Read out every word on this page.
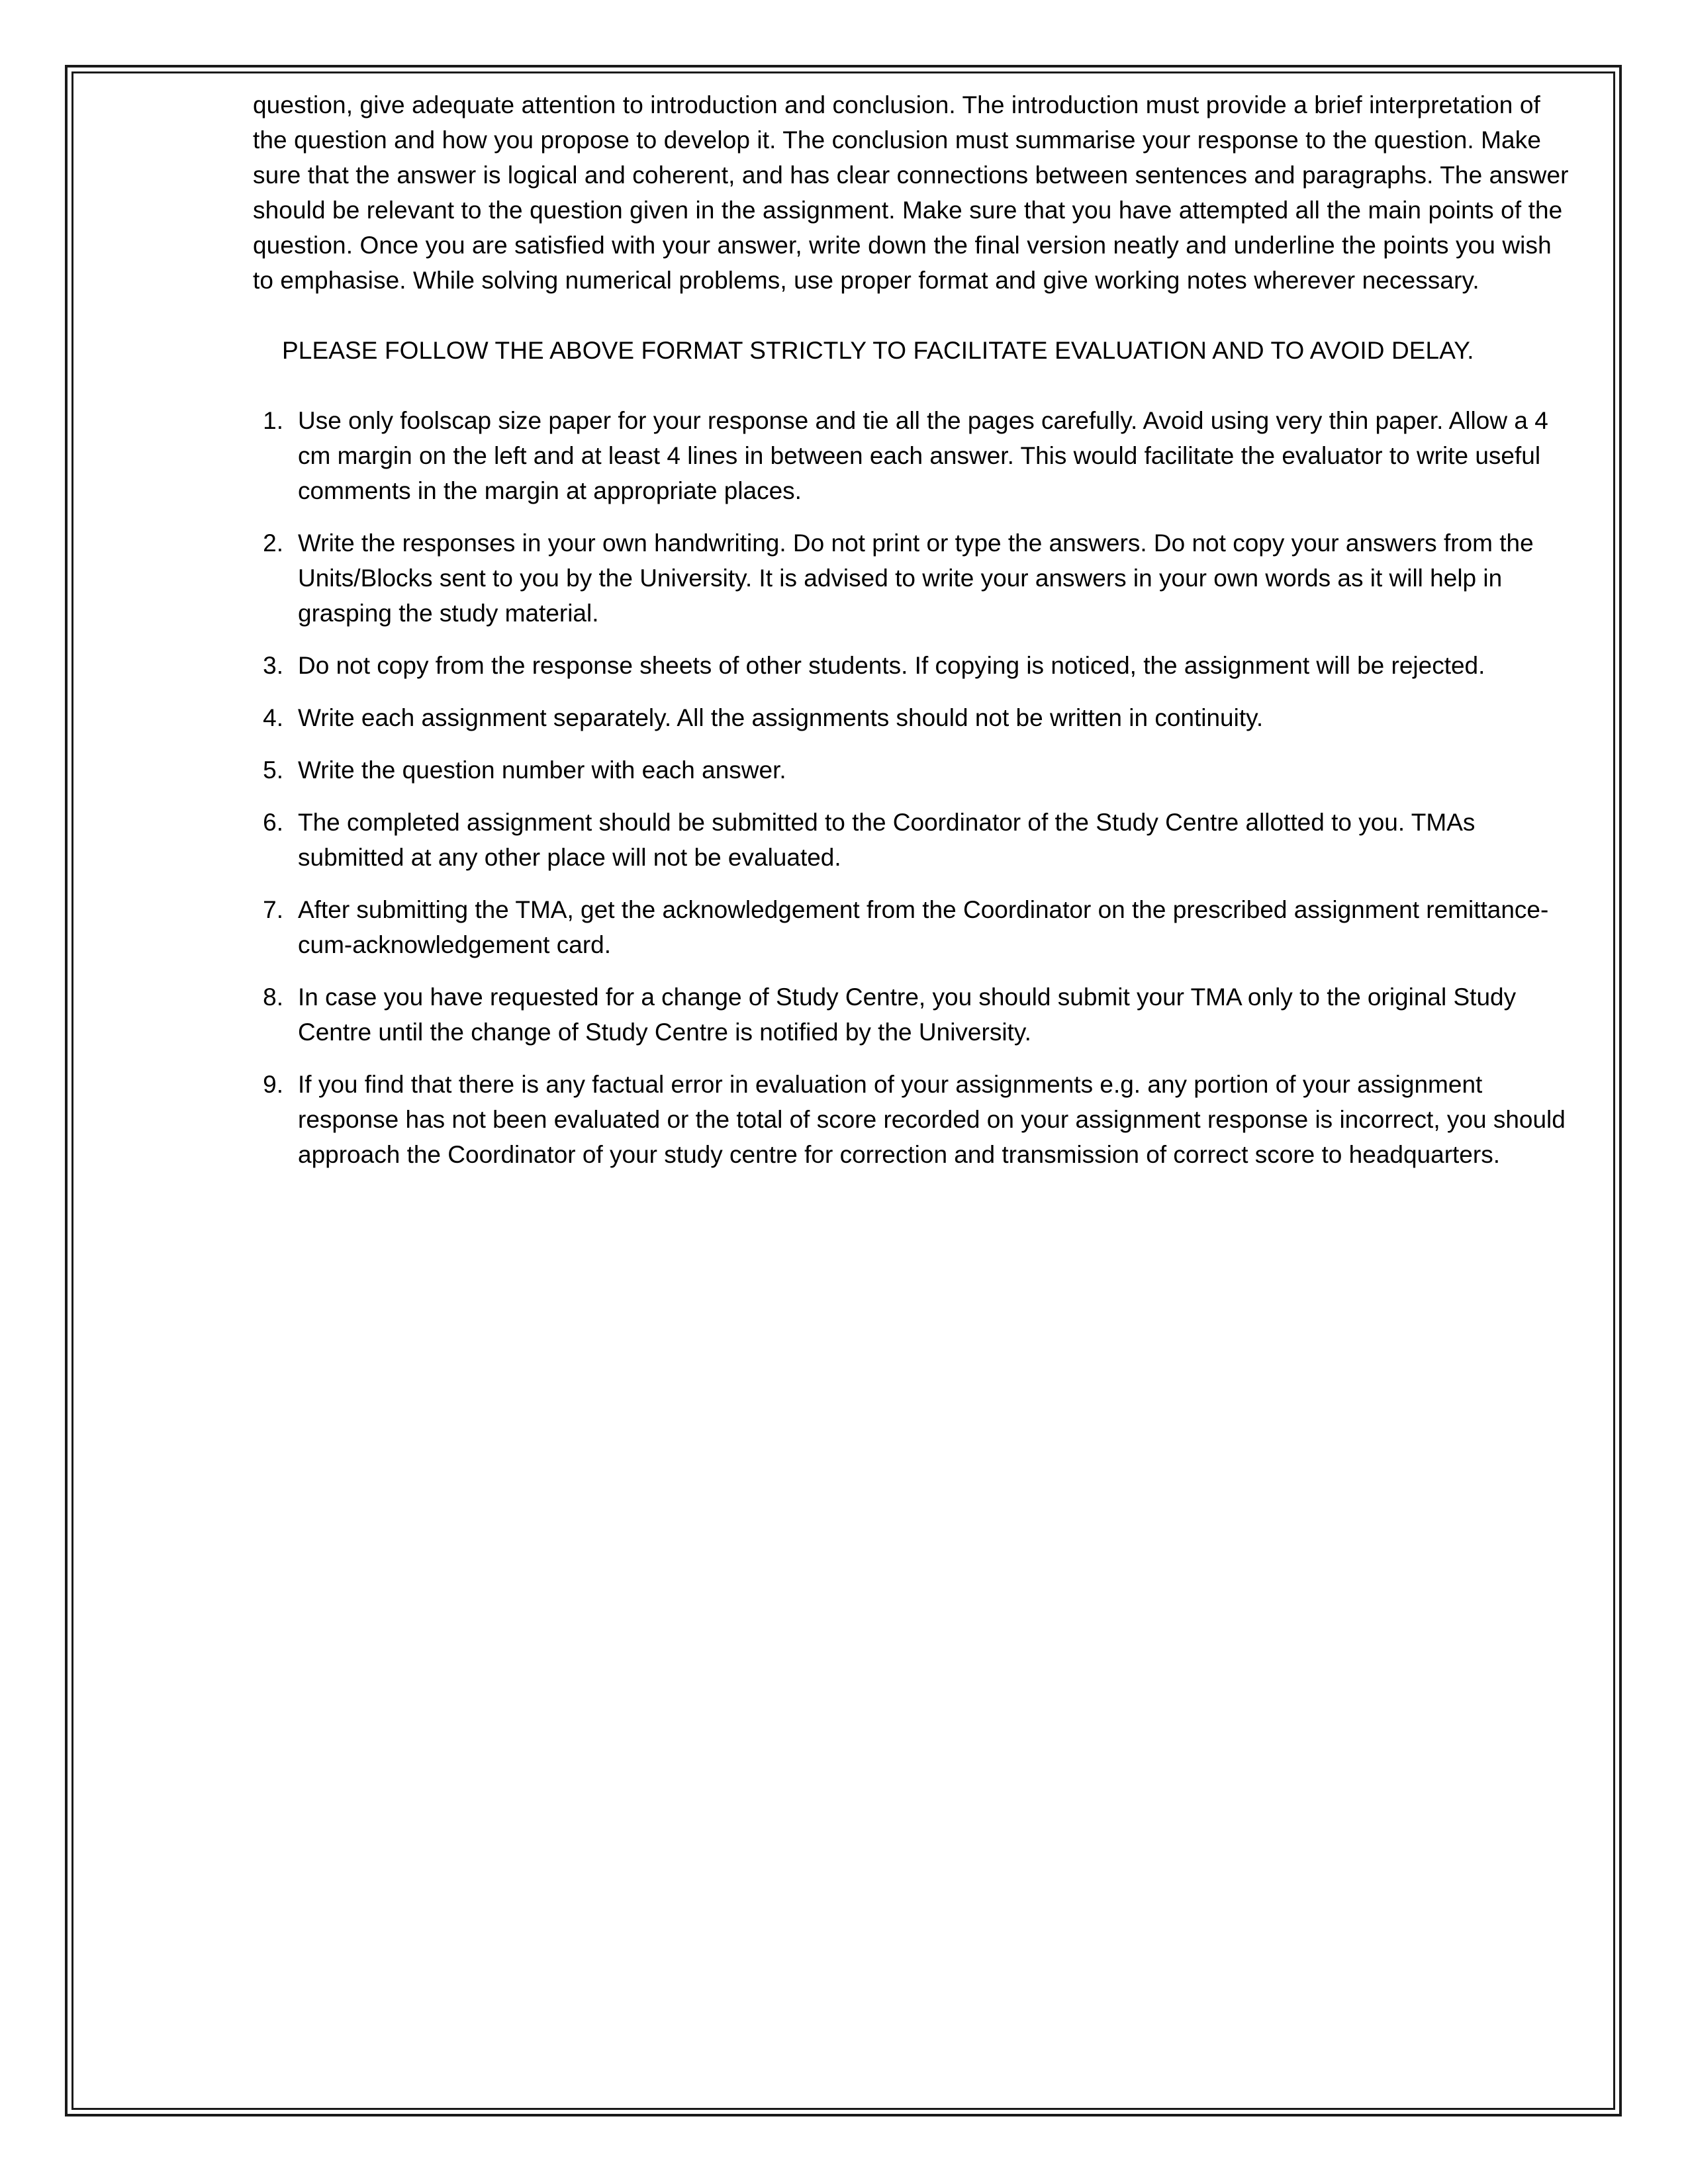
question, give adequate attention to introduction and conclusion. The introduction must provide a brief interpretation of the question and how you propose to develop it. The conclusion must summarise your response to the question. Make sure that the answer is logical and coherent, and has clear connections between sentences and paragraphs. The answer should be relevant to the question given in the assignment. Make sure that you have attempted all the main points of the question. Once you are satisfied with your answer, write down the final version neatly and underline the points you wish to emphasise. While solving numerical problems, use proper format and give working notes wherever necessary.

PLEASE FOLLOW THE ABOVE FORMAT STRICTLY TO FACILITATE EVALUATION AND TO AVOID DELAY.

1. Use only foolscap size paper for your response and tie all the pages carefully. Avoid using very thin paper. Allow a 4 cm margin on the left and at least 4 lines in between each answer. This would facilitate the evaluator to write useful comments in the margin at appropriate places.
2. Write the responses in your own handwriting. Do not print or type the answers. Do not copy your answers from the Units/Blocks sent to you by the University. It is advised to write your answers in your own words as it will help in grasping the study material.
3. Do not copy from the response sheets of other students. If copying is noticed, the assignment will be rejected.
4. Write each assignment separately. All the assignments should not be written in continuity.
5. Write the question number with each answer.
6. The completed assignment should be submitted to the Coordinator of the Study Centre allotted to you. TMAs submitted at any other place will not be evaluated.
7. After submitting the TMA, get the acknowledgement from the Coordinator on the prescribed assignment remittance-cum-acknowledgement card.
8. In case you have requested for a change of Study Centre, you should submit your TMA only to the original Study Centre until the change of Study Centre is notified by the University.
9. If you find that there is any factual error in evaluation of your assignments e.g. any portion of your assignment response has not been evaluated or the total of score recorded on your assignment response is incorrect, you should approach the Coordinator of your study centre for correction and transmission of correct score to headquarters.
